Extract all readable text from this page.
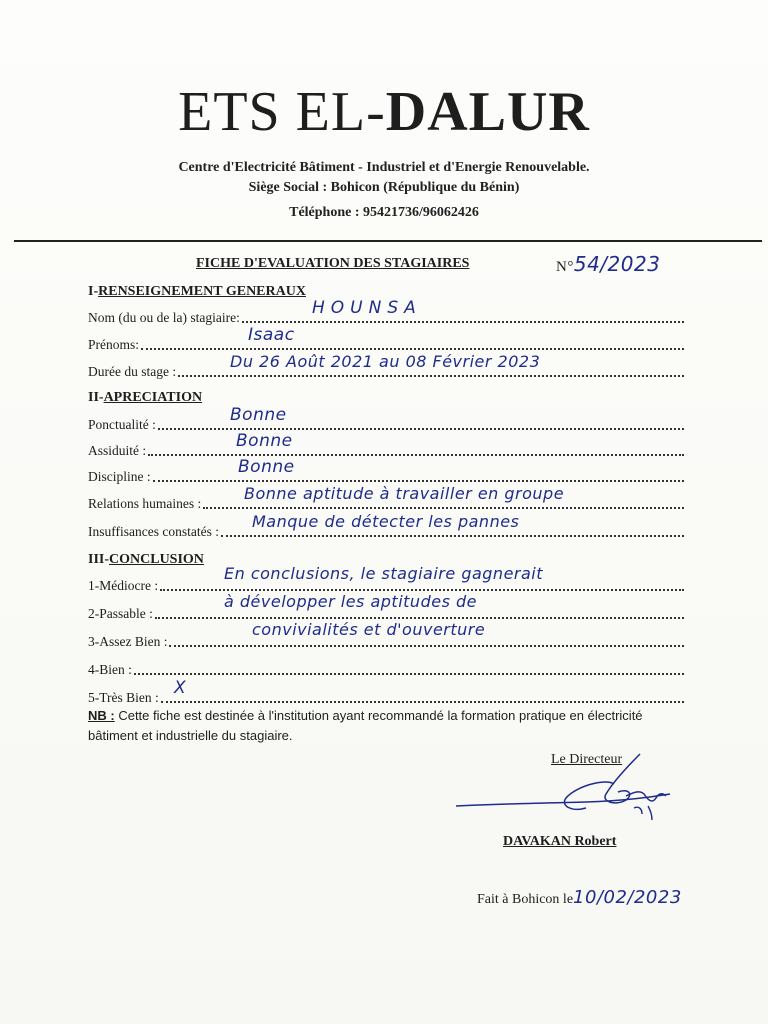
ETS EL-DALUR
Centre d'Electricité Bâtiment - Industriel et d'Energie Renouvelable.
Siège Social : Bohicon (République du Bénin)
Téléphone : 95421736/96062426
FICHE D'EVALUATION DES STAGIAIRES	N°54/2023
I-RENSEIGNEMENT GENERAUX
Nom (du ou de la) stagiaire:	HOUNSA
Prénoms:	Isaac
Durée du stage :
Du 26 Août 2021 au 08 Février 2023
II-APRECIATION
Ponctualité :	Bonne
Assiduité :	Bonne
Discipline :	Bonne
Relations humaines :
Bonne aptitude à travailler en groupe
Insuffisances constatés :
Manque de détecter les pannes
III-CONCLUSION
1-Médiocre :
En conclusions, le stagiaire gagnerait
2-Passable :
à développer les aptitudes de
3-Assez Bien :
convivialités et d'ouverture
4-Bien :
5-Très Bien : X
NB : Cette fiche est destinée à l'institution ayant recommandé la formation pratique en électricité bâtiment et industrielle du stagiaire.
Le Directeur
DAVAKAN Robert
Fait à Bohicon le10/02/2023
